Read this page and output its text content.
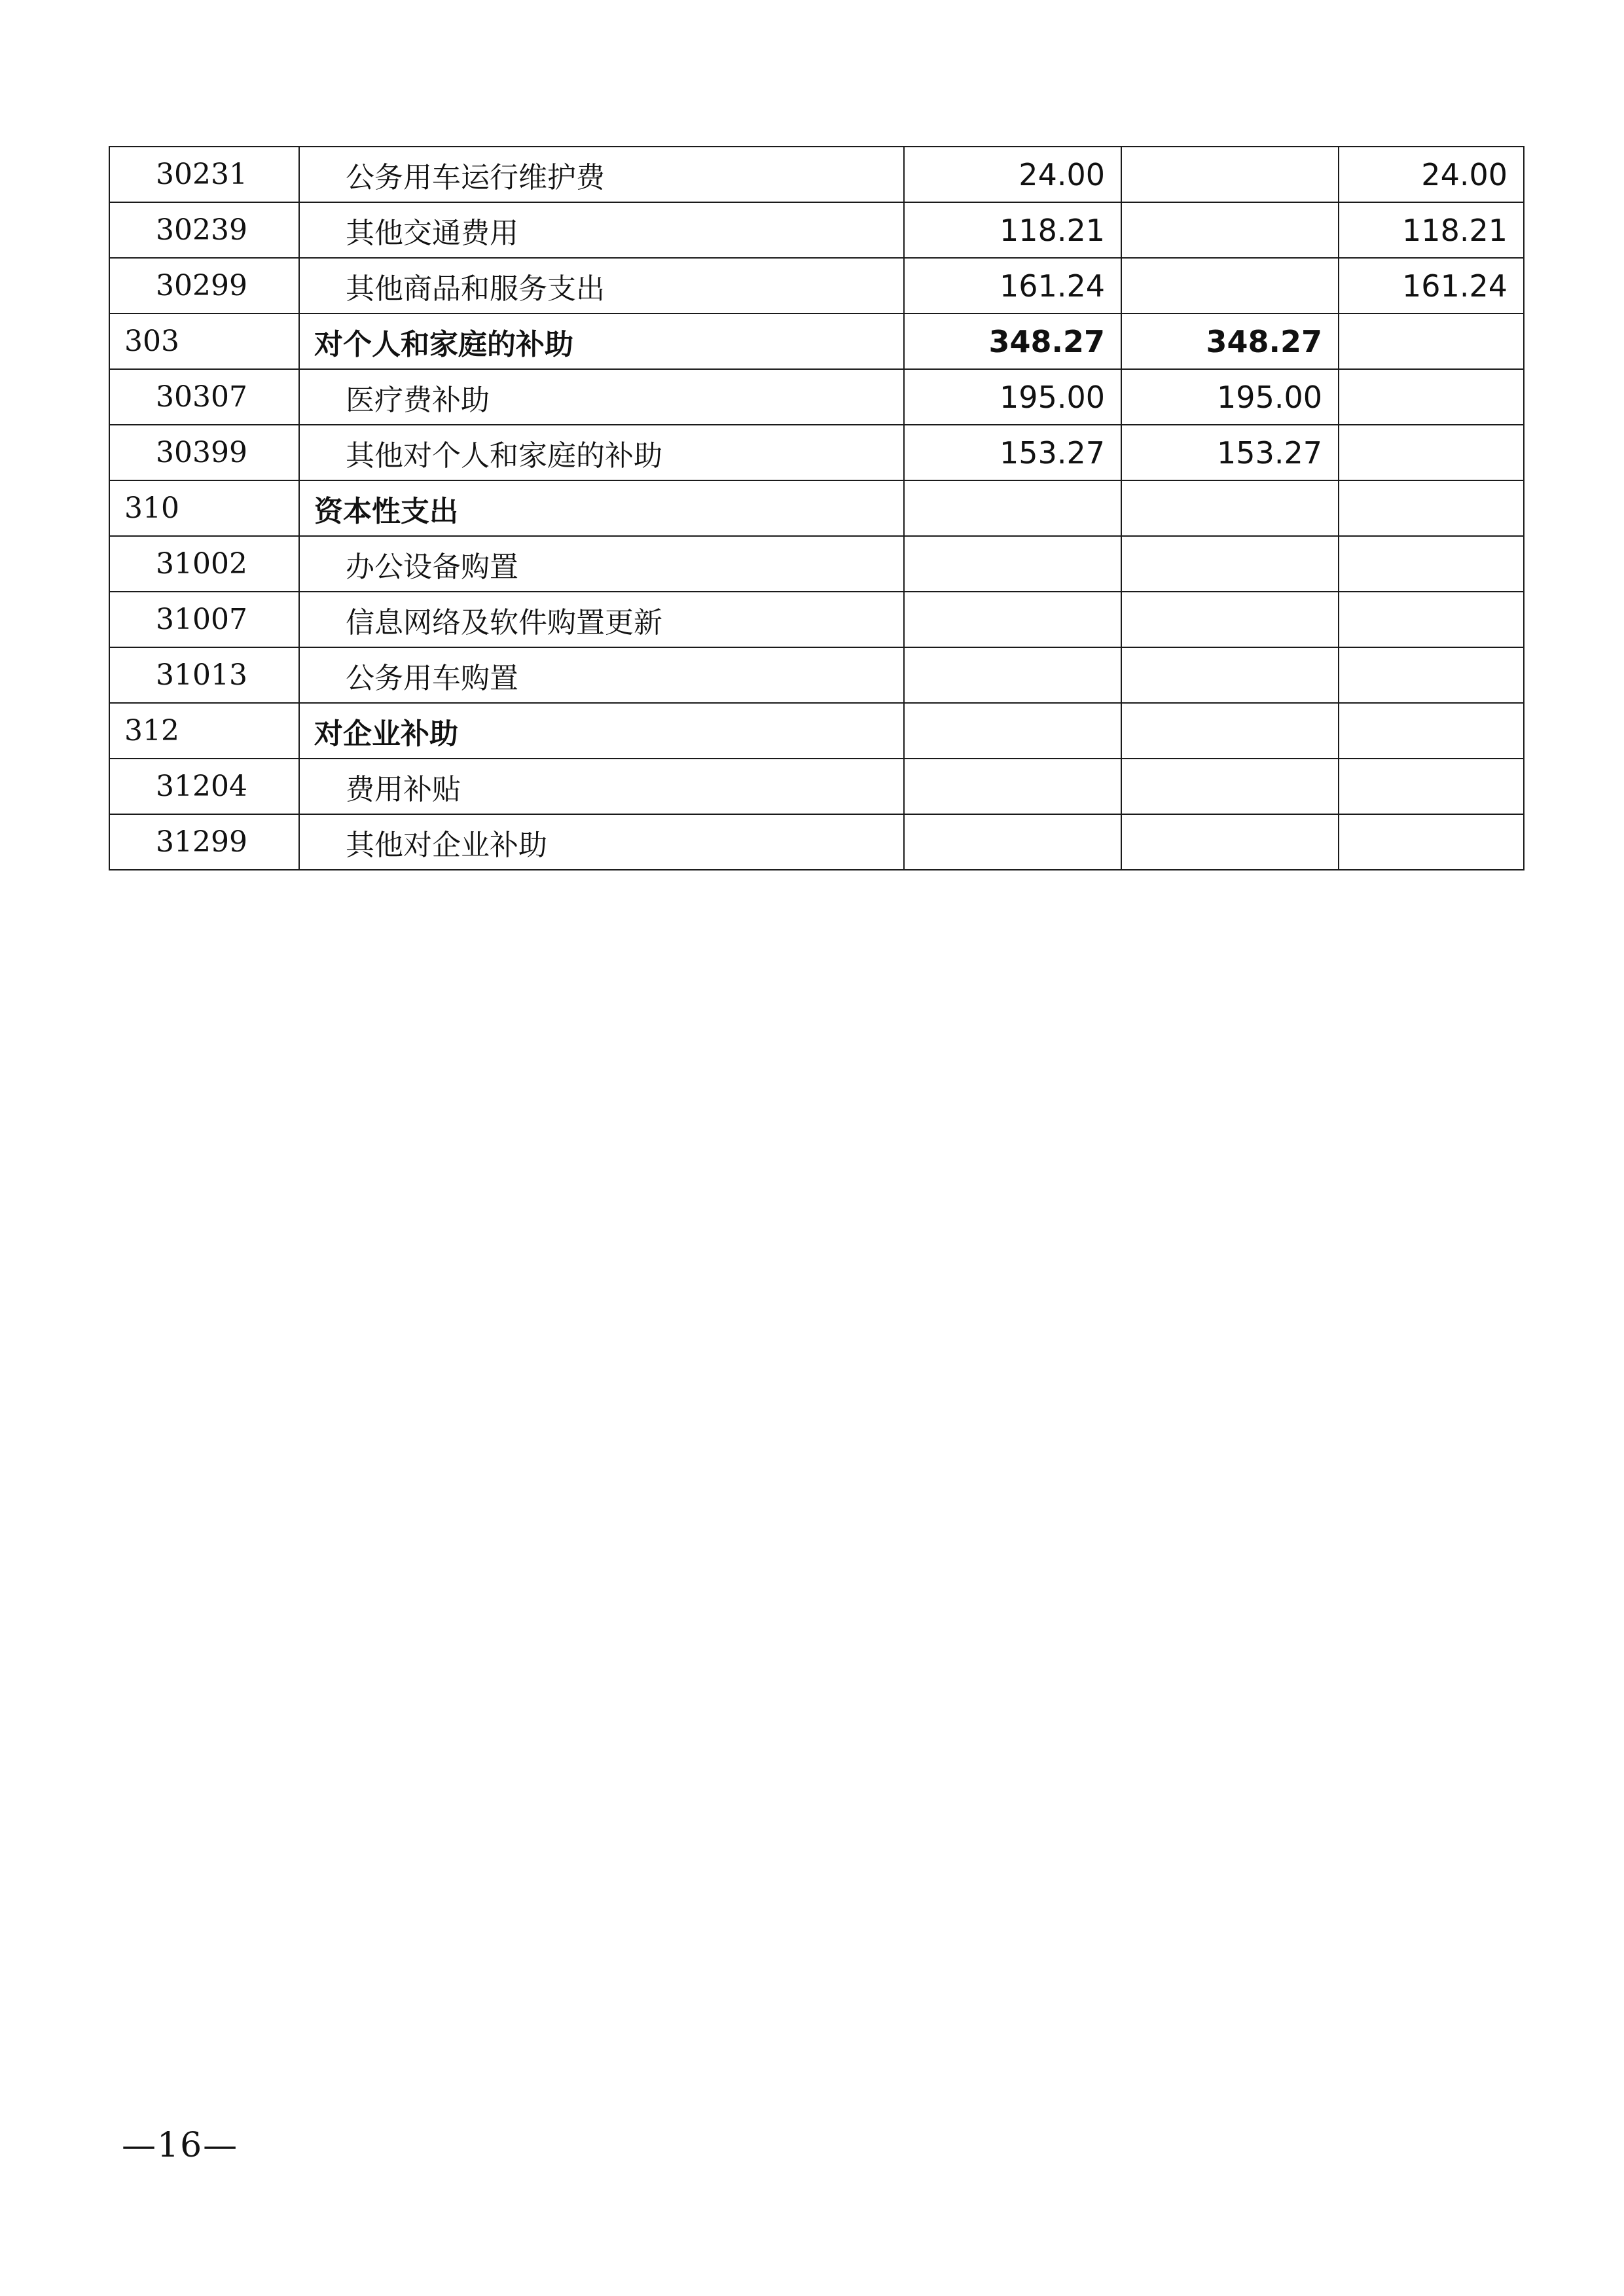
30231	公务用车运行维护费	24.00		24.00
30239	其他交通费用	118.21		118.21
30299	其他商品和服务支出	161.24		161.24
303	对个人和家庭的补助	348.27	348.27	
30307	医疗费补助	195.00	195.00	
30399	其他对个人和家庭的补助	153.27	153.27	
310	资本性支出			
31002	办公设备购置			
31007	信息网络及软件购置更新			
31013	公务用车购置			
312	对企业补助			
31204	费用补贴			
31299	其他对企业补助			
—16—
